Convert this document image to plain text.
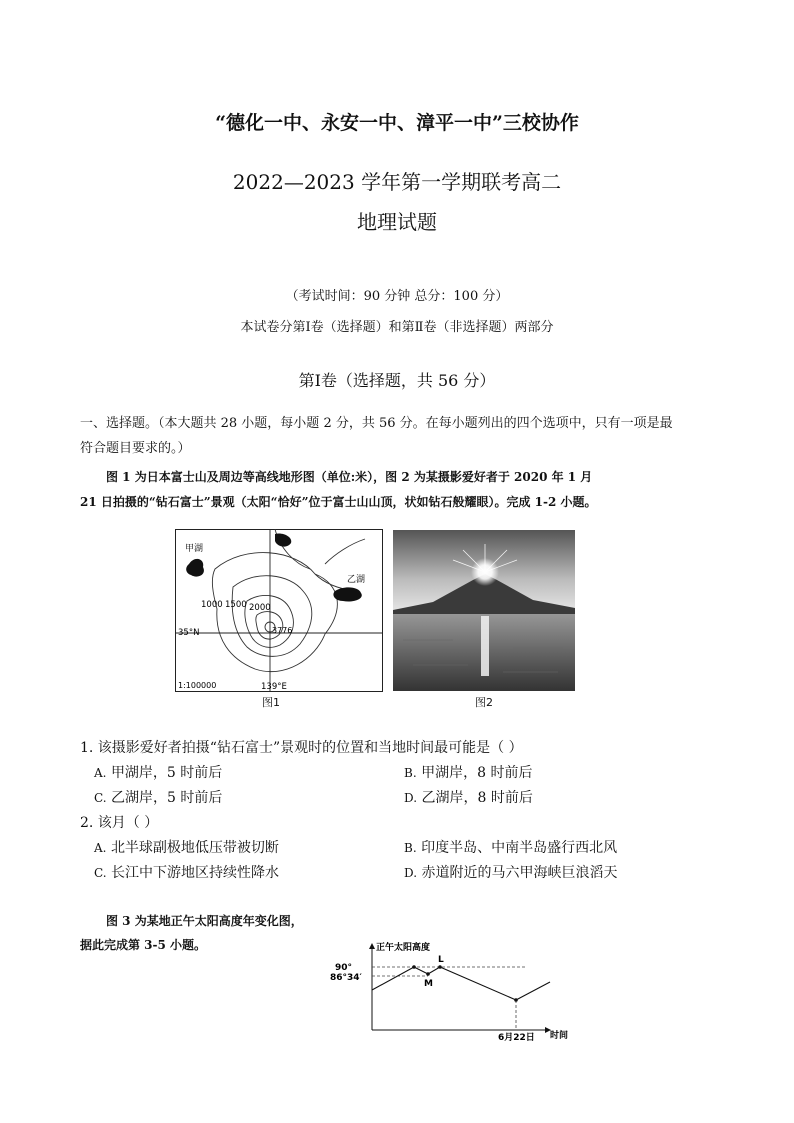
“德化一中、永安一中、漳平一中”三校协作
2022—2023 学年第一学期联考高二
地理试题
（考试时间：90 分钟 总分：100 分）
本试卷分第Ⅰ卷（选择题）和第Ⅱ卷（非选择题）两部分
第Ⅰ卷（选择题，共 56 分）
一、选择题。（本大题共 28 小题，每小题 2 分，共 56 分。在每小题列出的四个选项中，只有一项是最
符合题目要求的。）
图 1 为日本富士山及周边等高线地形图（单位:米），图 2 为某摄影爱好者于 2020 年 1 月
21 日拍摄的“钻石富士”景观（太阳“恰好”位于富士山山顶，状如钻石般耀眼）。完成 1-2 小题。
甲湖
乙湖
1000 1500 2000
3776
35°N
139°E
1:100000
图1	图2
1. 该摄影爱好者拍摄“钻石富士”景观时的位置和当地时间最可能是（ ）
A. 甲湖岸，5 时前后	B. 甲湖岸，8 时前后
C. 乙湖岸，5 时前后	D. 乙湖岸，8 时前后
2. 该月（ ）
A. 北半球副极地低压带被切断	B. 印度半岛、中南半岛盛行西北风
C. 长江中下游地区持续性降水	D. 赤道附近的马六甲海峡巨浪滔天
图 3 为某地正午太阳高度年变化图，
据此完成第 3-5 小题。	正午太阳高度
时间
90°
86°34′
M
L
6月22日
